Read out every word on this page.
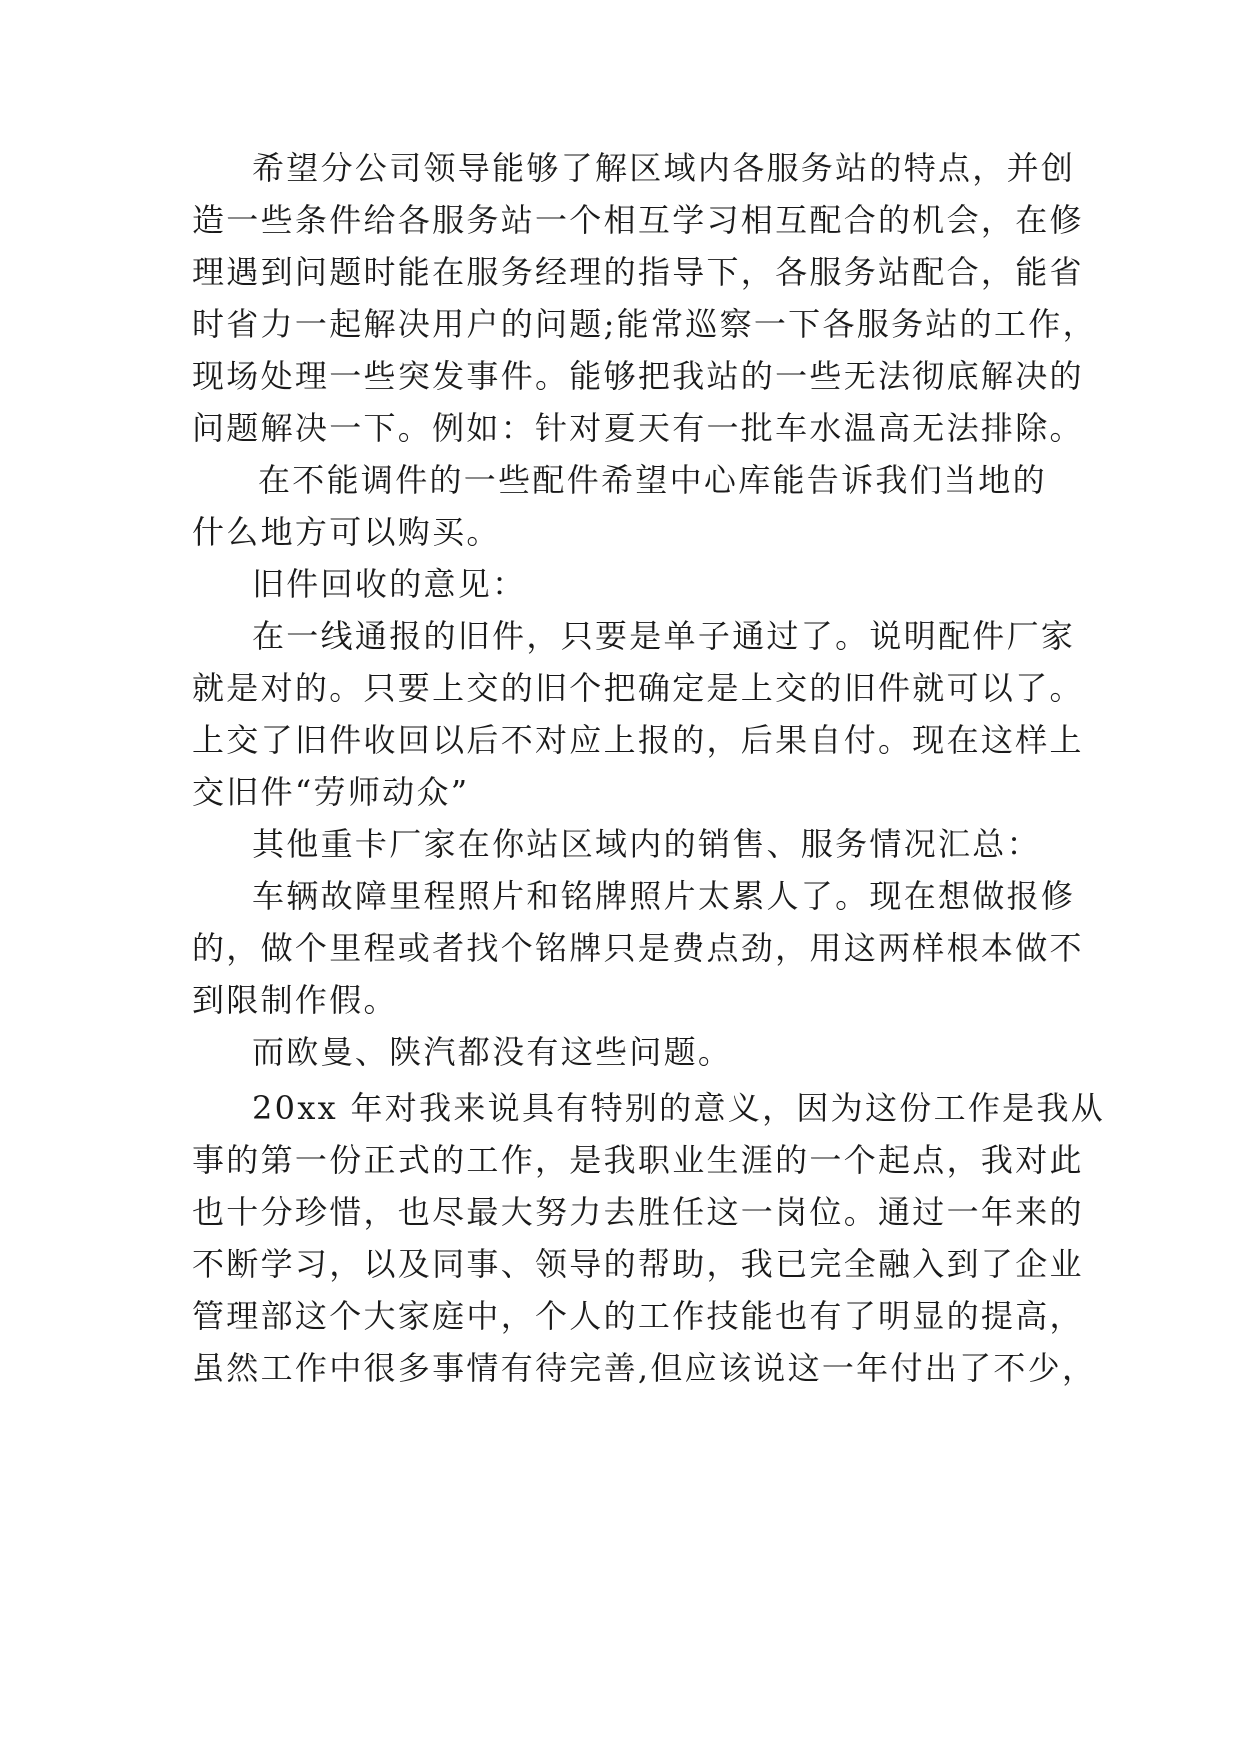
希望分公司领导能够了解区域内各服务站的特点，并创
造一些条件给各服务站一个相互学习相互配合的机会，在修
理遇到问题时能在服务经理的指导下，各服务站配合，能省
时省力一起解决用户的问题;能常巡察一下各服务站的工作，
现场处理一些突发事件。能够把我站的一些无法彻底解决的
问题解决一下。例如：针对夏天有一批车水温高无法排除。
在不能调件的一些配件希望中心库能告诉我们当地的
什么地方可以购买。
旧件回收的意见：
在一线通报的旧件，只要是单子通过了。说明配件厂家
就是对的。只要上交的旧个把确定是上交的旧件就可以了。
上交了旧件收回以后不对应上报的，后果自付。现在这样上
交旧件“劳师动众”
其他重卡厂家在你站区域内的销售、服务情况汇总：
车辆故障里程照片和铭牌照片太累人了。现在想做报修
的，做个里程或者找个铭牌只是费点劲，用这两样根本做不
到限制作假。
而欧曼、陕汽都没有这些问题。
20xx 年对我来说具有特别的意义，因为这份工作是我从
事的第一份正式的工作，是我职业生涯的一个起点，我对此
也十分珍惜，也尽最大努力去胜任这一岗位。通过一年来的
不断学习，以及同事、领导的帮助，我已完全融入到了企业
管理部这个大家庭中，个人的工作技能也有了明显的提高，
虽然工作中很多事情有待完善,但应该说这一年付出了不少，
